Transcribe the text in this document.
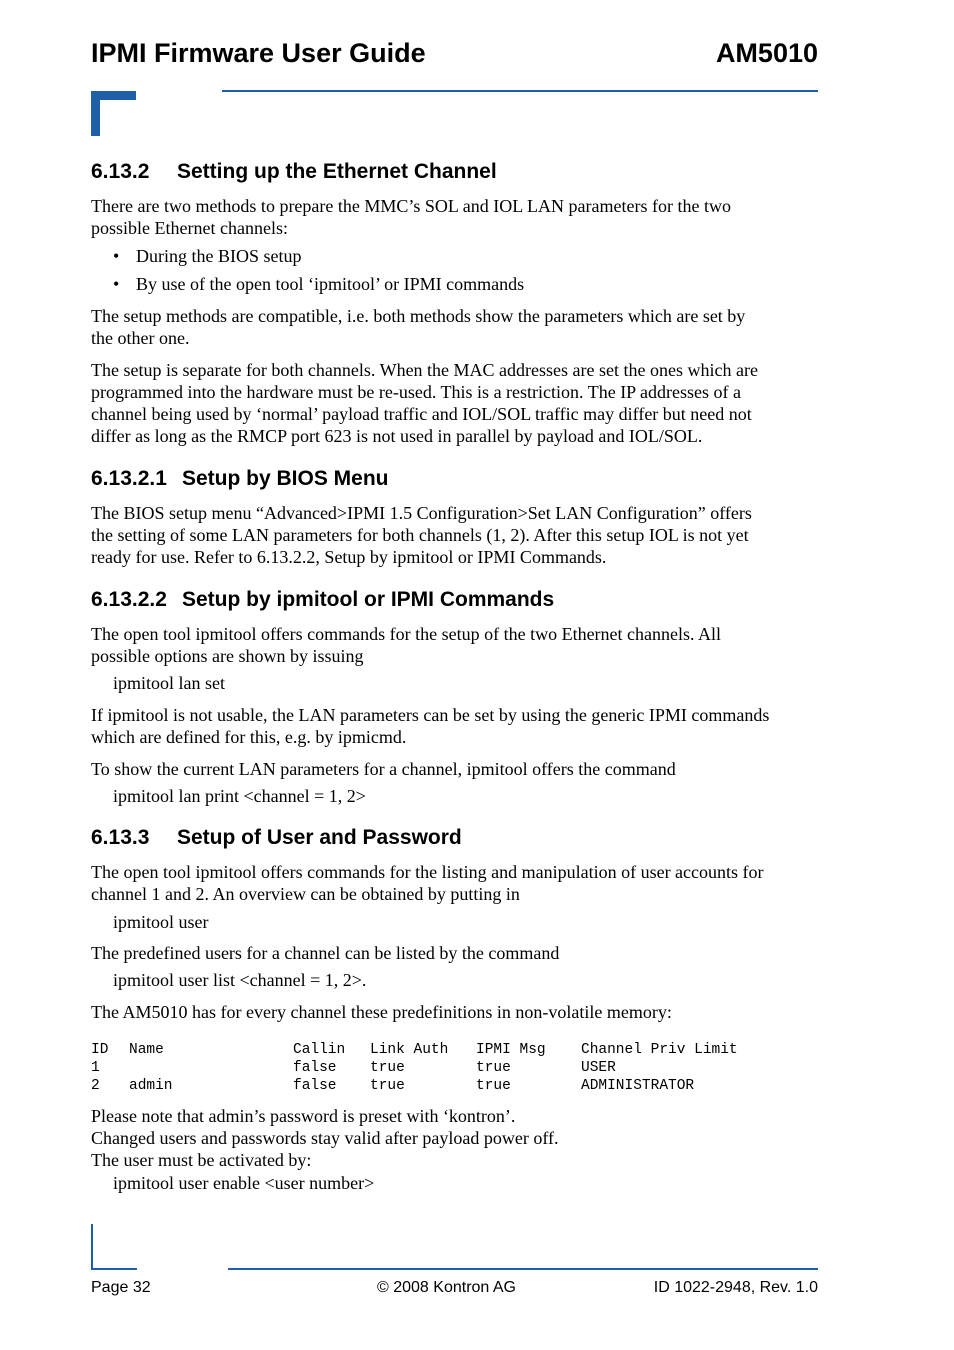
IPMI Firmware User Guide	AM5010
6.13.2 Setting up the Ethernet Channel
There are two methods to prepare the MMC’s SOL and IOL LAN parameters for the two
possible Ethernet channels:
• During the BIOS setup
• By use of the open tool ‘ipmitool’ or IPMI commands
The setup methods are compatible, i.e. both methods show the parameters which are set by
the other one.
The setup is separate for both channels. When the MAC addresses are set the ones which are
programmed into the hardware must be re-used. This is a restriction. The IP addresses of a
channel being used by ‘normal’ payload traffic and IOL/SOL traffic may differ but need not
differ as long as the RMCP port 623 is not used in parallel by payload and IOL/SOL.
6.13.2.1 Setup by BIOS Menu
The BIOS setup menu “Advanced>IPMI 1.5 Configuration>Set LAN Configuration” offers
the setting of some LAN parameters for both channels (1, 2). After this setup IOL is not yet
ready for use. Refer to 6.13.2.2, Setup by ipmitool or IPMI Commands.
6.13.2.2 Setup by ipmitool or IPMI Commands
The open tool ipmitool offers commands for the setup of the two Ethernet channels. All
possible options are shown by issuing
ipmitool lan set
If ipmitool is not usable, the LAN parameters can be set by using the generic IPMI commands
which are defined for this, e.g. by ipmicmd.
To show the current LAN parameters for a channel, ipmitool offers the command
ipmitool lan print <channel = 1, 2>
6.13.3 Setup of User and Password
The open tool ipmitool offers commands for the listing and manipulation of user accounts for
channel 1 and 2. An overview can be obtained by putting in
ipmitool user
The predefined users for a channel can be listed by the command
ipmitool user list <channel = 1, 2>.
The AM5010 has for every channel these predefinitions in non-volatile memory:
ID	Name	Callin	Link Auth	IPMI Msg	Channel Priv Limit
1		false	true	true	USER
2	admin	false	true	true	ADMINISTRATOR
Please note that admin’s password is preset with ‘kontron’.
Changed users and passwords stay valid after payload power off.
The user must be activated by:
ipmitool user enable <user number>
Page 32	© 2008 Kontron AG	ID 1022-2948, Rev. 1.0
